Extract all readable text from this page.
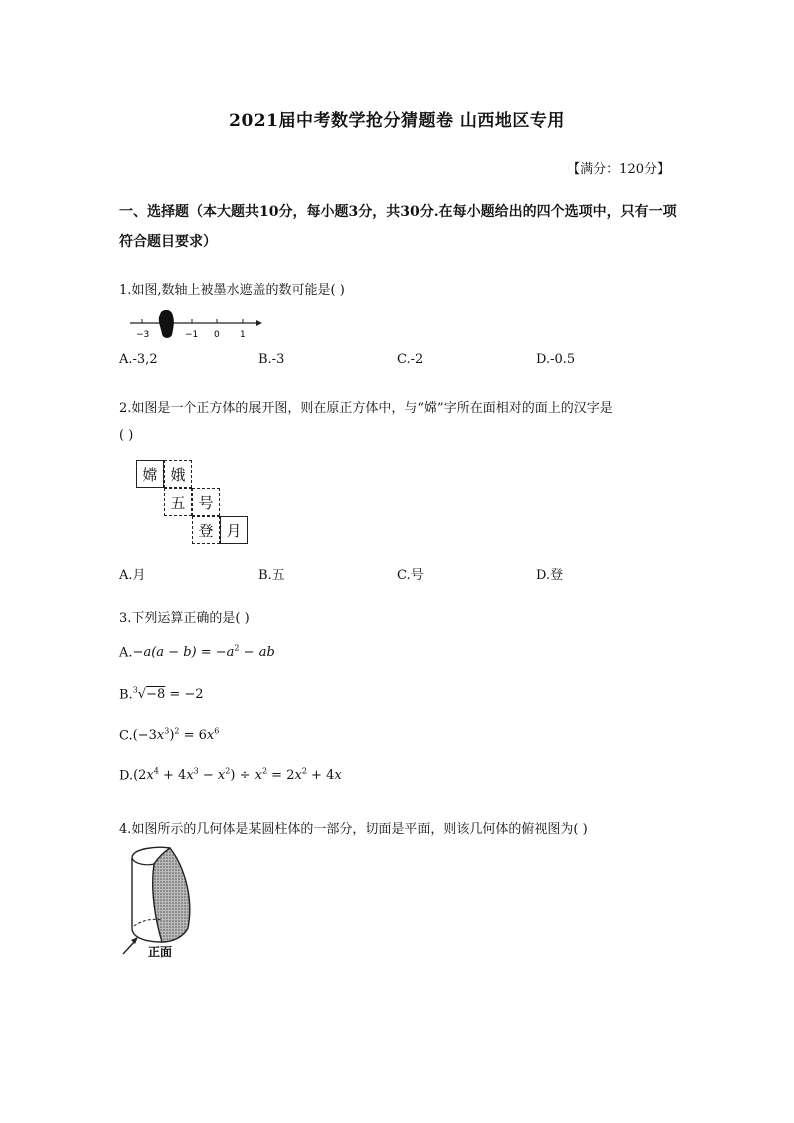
2021届中考数学抢分猜题卷 山西地区专用
【满分：120分】
一、选择题（本大题共10分，每小题3分，共30分.在每小题给出的四个选项中，只有一项符合题目要求）
1.如图,数轴上被墨水遮盖的数可能是( )
−3	−1 0 1
A.-3,2	B.-3	C.-2	D.-0.5
2.如图是一个正方体的展开图，则在原正方体中，与“嫦”字所在面相对的面上的汉字是
( )
嫦 娥
五 号
登 月
A.月	B.五	C.号	D.登
3.下列运算正确的是( )
$A.-a(a - b) = -a^2$ − ab
B.$^3$√−8 = −2
$C.(-3x^3)^2 = 6x^6$
$D.(2x^4 + 4x^3 - x^2) \div x^2 = 2x^2 + 4x$
4.如图所示的几何体是某圆柱体的一部分，切面是平面，则该几何体的俯视图为( )
正面
